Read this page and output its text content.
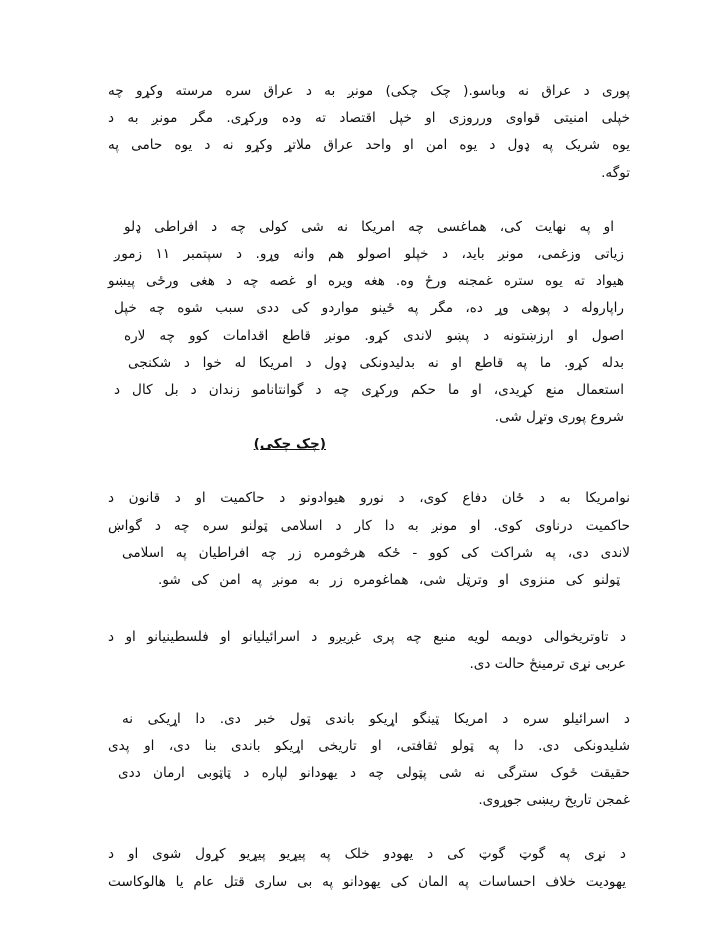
پوری د عراق نه وباسو.( چک چکی) مونږ به د عراق سره مرسته وکړو چه
خپلی امنیتی قواوی ورروزی او خپل اقتصاد ته وده ورکړی. مگر مونږ به د
یوه شریک په ډول د یوه امن او واحد عراق ملاتړ وکړو نه د یوه حامی په
توگه.
او په نهایت کی، هماغسی چه امریکا نه شی کولی چه د افراطی ډلو
زیاتی وزغمی، مونږ باید، د خپلو اصولو هم وانه وړو. د سپتمبر ۱۱ زموږ
هیواد ته یوه ستره غمجنه ورځ وه. هغه ویره او غصه چه د هغی ورځی پیښو
راپاروله د پوهی وړ ده، مگر په ځینو مواردو کی ددی سبب شوه چه خپل
اصول او ارزښتونه د پښو لاندی کړو. مونږ قاطع اقدامات کوو چه لاره
بدله کړو. ما په قاطع او نه بدلیدونکی ډول د امریکا له خوا د شکنجی
استعمال منع کړیدی، او ما حکم ورکړی چه د گوانتانامو زندان د بل کال د
شروع پوری وتړل شی.
(چک چکی)
نوامریکا به د ځان دفاع کوی، د نورو هیوادونو د حاکمیت او د قانون د
حاکمیت درناوی کوی. او مونږ به دا کار د اسلامی ټولنو سره چه د گواښ
لاندی دی، په شراکت کی کوو - ځکه هرڅومره زر چه افراطیان په اسلامی
ټولنو کی منزوی او وترټل شی، هماغومره زر به مونږ په امن کی شو.
د تاوتریخوالی دویمه لویه منبع چه پری غږیږو د اسرائیلیانو او فلسطینیانو او د
عربی نړی ترمینځ حالت دی.
د اسرائیلو سره د امریکا ټینگو اړیکو باندی ټول خبر دی. دا اړیکی نه
شلیدونکی دی. دا په ټولو ثقافتی، او تاریخی اړیکو باندی بنا دی، او پدی
حقیقت ځوک سترگی نه شی پټولی چه د یهودانو لپاره د ټاټوبی ارمان ددی
غمجن تاریخ ریښی جوړوی.
د نړی په گوټ گوټ کی د یهودو خلک په پیړیو پیړیو کړول شوی او د
یهودیت خلاف احساسات په المان کی یهودانو په بی ساری قتل عام یا هالوکاست
